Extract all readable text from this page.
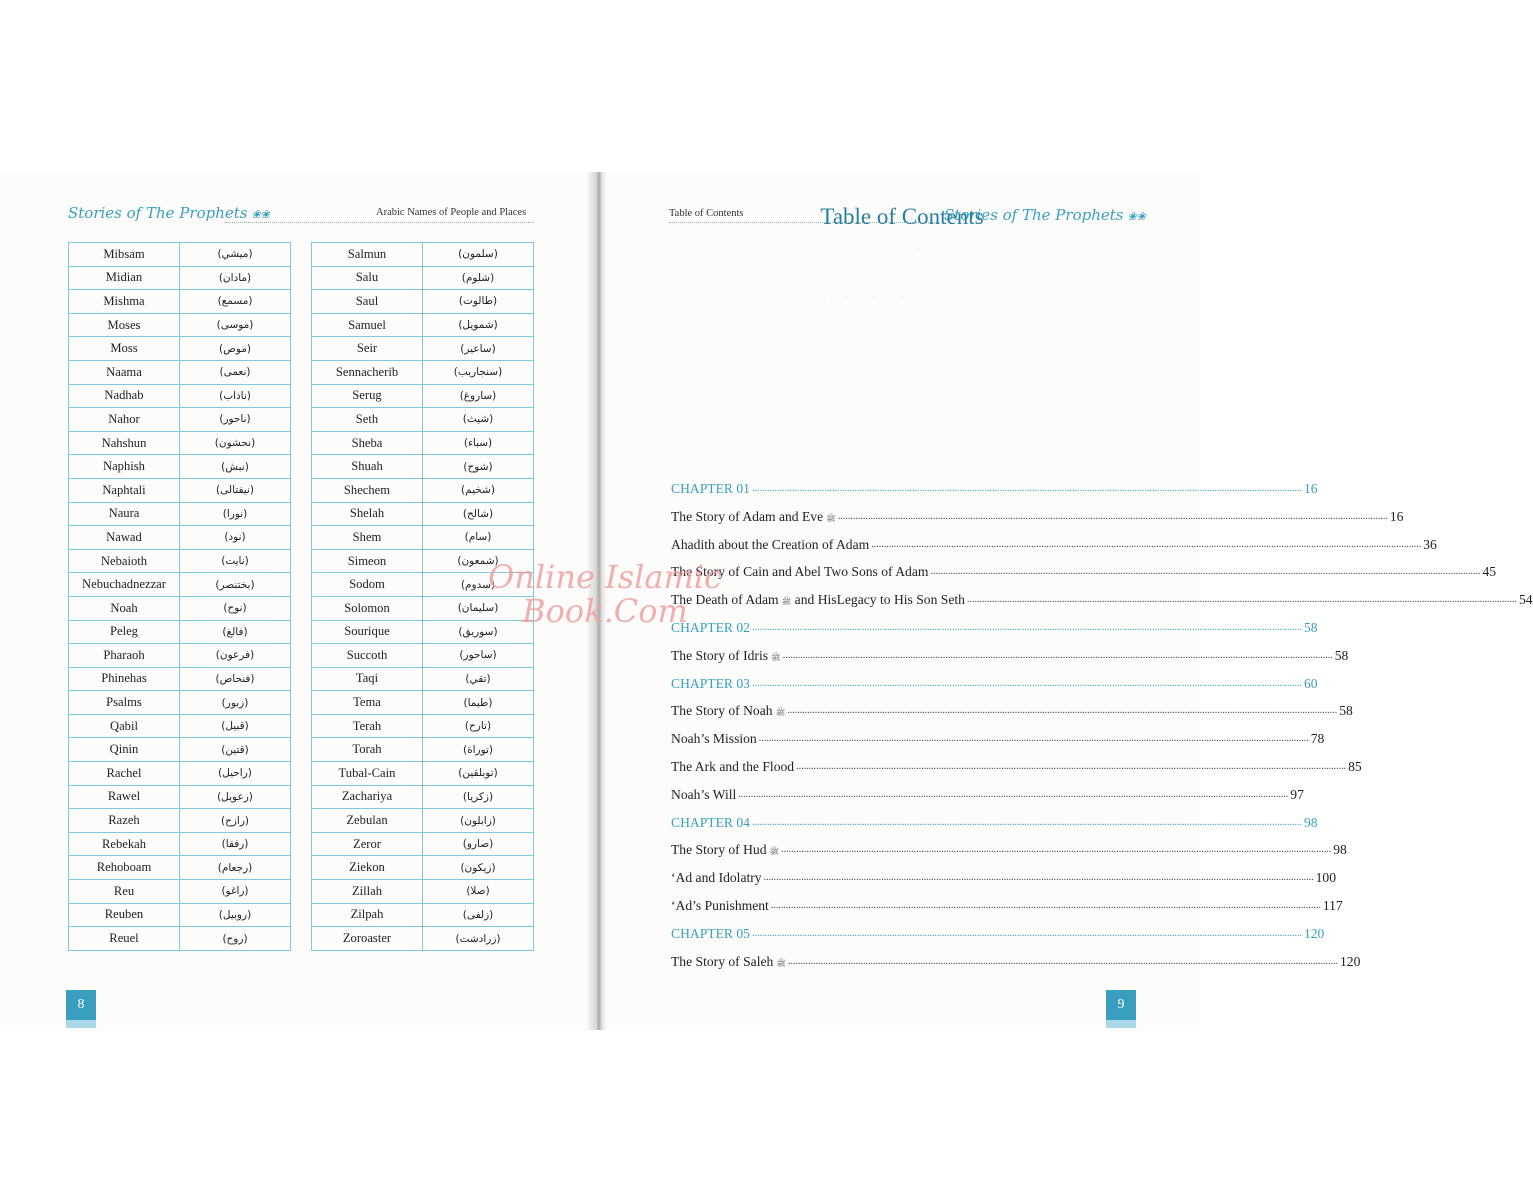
Stories of The Prophets ❀❀	Arabic Names of People and Places	Table of Contents	Stories of The Prophets ❀❀
Mibsam	(ميشي)
Midian	(مادان)
Mishma	(مسمع)
Moses	(موسى)
Moss	(موص)
Naama	(نعمى)
Nadhab	(ناذاب)
Nahor	(ناحور)
Nahshun	(نحشون)
Naphish	(نبش)
Naphtali	(نيفتالى)
Naura	(نورا)
Nawad	(نود)
Nebaioth	(نايت)
Nebuchadnezzar	(بختنصر)
Noah	(نوح)
Peleg	(فالغ)
Pharaoh	(فرعون)
Phinehas	(فنحاص)
Psalms	(زبور)
Qabil	(قبيل)
Qinin	(قتين)
Rachel	(راحيل)
Rawel	(رعويل)
Razeh	(رازح)
Rebekah	(رفقا)
Rehoboam	(رجعام)
Reu	(راغو)
Reuben	(روبيل)
Reuel	(روح)
Salmun	(سلمون)
Salu	(شلوم)
Saul	(طالوت)
Samuel	(شمويل)
Seir	(ساعير)
Sennacherib	(سنجاريب)
Serug	(ساروغ)
Seth	(شيث)
Sheba	(سباء)
Shuah	(شوح)
Shechem	(شخيم)
Shelah	(شالح)
Shem	(سام)
Simeon	(شمعون)
Sodom	(سدوم)
Solomon	(سليمان)
Sourique	(سوريق)
Succoth	(ساحور)
Taqi	(تقي)
Tema	(طيما)
Terah	(تارح)
Torah	(توراة)
Tubal-Cain	(توبلقين)
Zachariya	(زكريا)
Zebulan	(زابلون)
Zeror	(صارو)
Ziekon	(زيكون)
Zillah	(صلا)
Zilpah	(زلفى)
Zoroaster	(زرادشت)
· · · · ·
· · · · · · · · · · ·
Table of Contents
CHAPTER 01 ............................................................................................................................................................................................................................ 16
The Story of Adam and Eve ﷺ ............................................................................................................................................................................................................................ 16
Ahadith about the Creation of Adam ............................................................................................................................................................................................................................ 36
The Story of Cain and Abel Two Sons of Adam ............................................................................................................................................................................................................................ 45
The Death of Adam ﷺ and HisLegacy to His Son Seth ............................................................................................................................................................................................................................ 54
CHAPTER 02 ............................................................................................................................................................................................................................ 58
The Story of Idris ﷺ ............................................................................................................................................................................................................................ 58
CHAPTER 03 ............................................................................................................................................................................................................................ 60
The Story of Noah ﷺ ............................................................................................................................................................................................................................ 58
Noah’s Mission ............................................................................................................................................................................................................................ 78
The Ark and the Flood ............................................................................................................................................................................................................................ 85
Noah’s Will ............................................................................................................................................................................................................................ 97
CHAPTER 04 ............................................................................................................................................................................................................................ 98
The Story of Hud ﷺ ............................................................................................................................................................................................................................ 98
‘Ad and Idolatry ............................................................................................................................................................................................................................ 100
‘Ad’s Punishment ............................................................................................................................................................................................................................ 117
CHAPTER 05 ............................................................................................................................................................................................................................ 120
The Story of Saleh ﷺ ............................................................................................................................................................................................................................ 120
8	9
Online Islamic
Book.Com
